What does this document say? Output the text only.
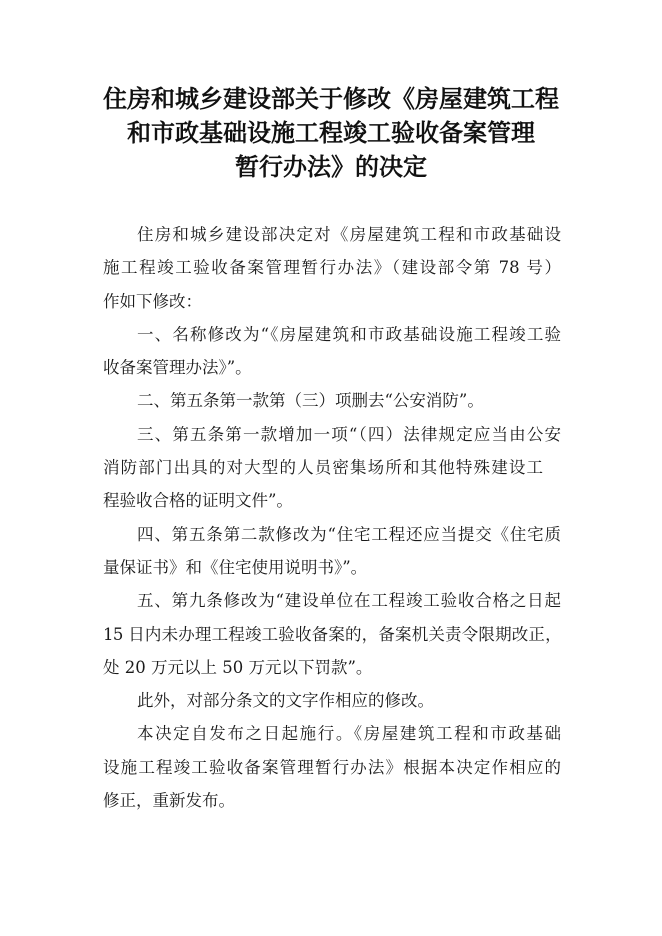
住房和城乡建设部关于修改《房屋建筑工程
和市政基础设施工程竣工验收备案管理
暂行办法》的决定
住房和城乡建设部决定对《房屋建筑工程和市政基础设
施工程竣工验收备案管理暂行办法》（建设部令第 78 号）
作如下修改：
一、名称修改为“《房屋建筑和市政基础设施工程竣工验
收备案管理办法》”。
二、第五条第一款第（三）项删去“公安消防”。
三、第五条第一款增加一项“（四）法律规定应当由公安
消防部门出具的对大型的人员密集场所和其他特殊建设工
程验收合格的证明文件”。
四、第五条第二款修改为“住宅工程还应当提交《住宅质
量保证书》和《住宅使用说明书》”。
五、第九条修改为“建设单位在工程竣工验收合格之日起
15 日内未办理工程竣工验收备案的，备案机关责令限期改正，
处 20 万元以上 50 万元以下罚款”。
此外，对部分条文的文字作相应的修改。
本决定自发布之日起施行。《房屋建筑工程和市政基础
设施工程竣工验收备案管理暂行办法》根据本决定作相应的
修正，重新发布。
